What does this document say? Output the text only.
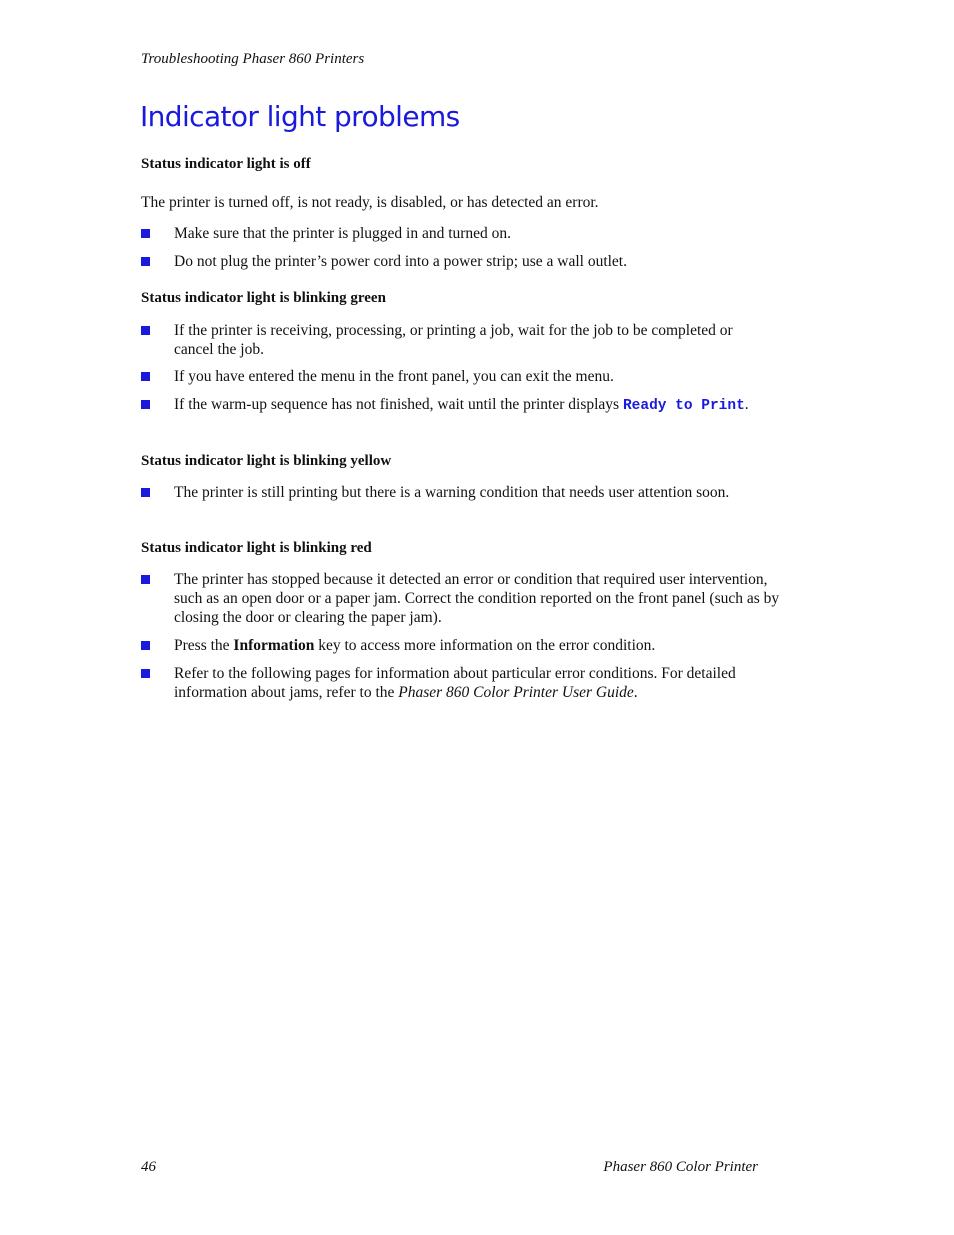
Troubleshooting Phaser 860 Printers
Indicator light problems
Status indicator light is off

The printer is turned off, is not ready, is disabled, or has detected an error.

Make sure that the printer is plugged in and turned on.
Do not plug the printer’s power cord into a power strip; use a wall outlet.
Status indicator light is blinking green
If the printer is receiving, processing, or printing a job, wait for the job to be completed or cancel the job.
If you have entered the menu in the front panel, you can exit the menu.
If the warm-up sequence has not finished, wait until the printer displays Ready to Print.
Status indicator light is blinking yellow
The printer is still printing but there is a warning condition that needs user attention soon.
Status indicator light is blinking red
The printer has stopped because it detected an error or condition that required user intervention, such as an open door or a paper jam. Correct the condition reported on the front panel (such as by closing the door or clearing the paper jam).
Press the Information key to access more information on the error condition.
Refer to the following pages for information about particular error conditions. For detailed information about jams, refer to the Phaser 860 Color Printer User Guide.
46	Phaser 860 Color Printer
